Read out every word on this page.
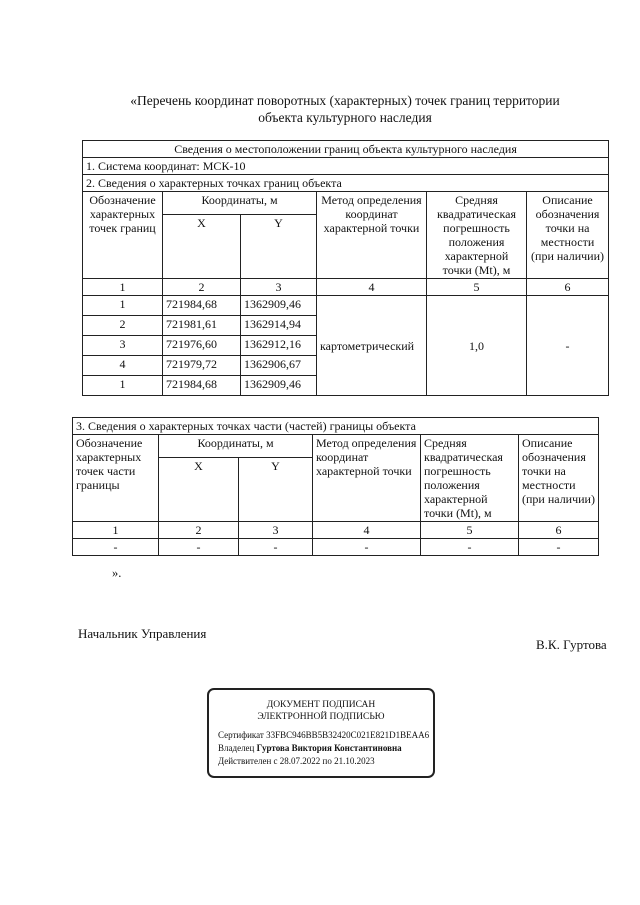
«Перечень координат поворотных (характерных) точек границ территории
объекта культурного наследия
Сведения о местоположении границ объекта культурного наследия					
1. Система координат: МСК-10					
2. Сведения о характерных точках границ объекта					
Обозначение характерных точек границ	Координаты, м		Метод определения координат характерной точки	Средняя квадратическая погрешность положения характерной точки (Mt), м	Описание обозначения точки на местности (при наличии)
	X	Y			
1	2	3	4	5	6
1	721984,68	1362909,46	картометрический	1,0	-
2	721981,61	1362914,94			
3	721976,60	1362912,16			
4	721979,72	1362906,67			
1	721984,68	1362909,46			
3. Сведения о характерных точках части (частей) границы объекта					
Обозначение характерных точек части границы	Координаты, м		Метод определения координат характерной точки	Средняя квадратическая погрешность положения характерной точки (Mt), м	Описание обозначения точки на местности (при наличии)
	X	Y			
1	2	3	4	5	6
-	-	-	-	-	-
».
Начальник Управления
В.К. Гуртова
ДОКУМЕНТ ПОДПИСАН
ЭЛЕКТРОННОЙ ПОДПИСЬЮ
Сертификат 33FBC946BB5B32420C021E821D1BEAA6
Владелец Гуртова Виктория Константиновна
Действителен с 28.07.2022 по 21.10.2023
